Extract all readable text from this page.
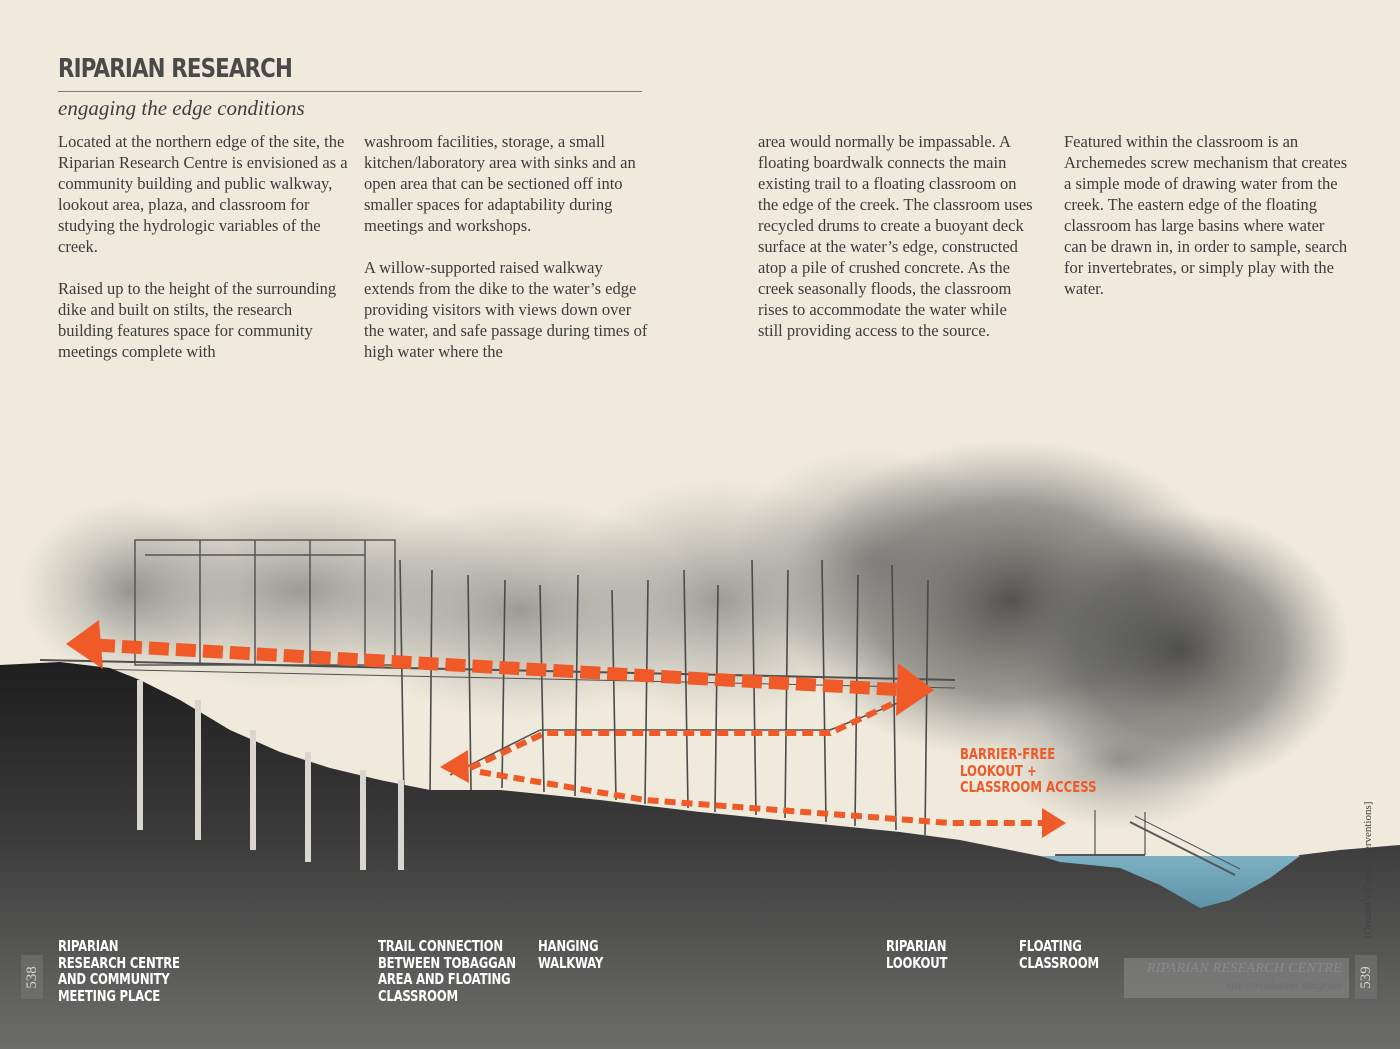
RIPARIAN RESEARCH
engaging the edge conditions

Located at the northern edge of the site, the Riparian Research Centre is envisioned as a community building and public walkway, lookout area, plaza, and classroom for studying the hydrologic variables of the creek.

Raised up to the height of the surrounding dike and built on stilts, the research building features space for community meetings complete with

washroom facilities, storage, a small kitchen/laboratory area with sinks and an open area that can be sectioned off into smaller spaces for adaptability during meetings and workshops.

A willow-supported raised walkway extends from the dike to the water’s edge providing visitors with views down over the water, and safe passage during times of high water where the

area would normally be impassable. A floating boardwalk connects the main existing trail to a floating classroom on the edge of the creek. The classroom uses recycled drums to create a buoyant deck surface at the water’s edge, constructed atop a pile of crushed concrete. As the creek seasonally floods, the classroom rises to accommodate the water while still providing access to the source.

Featured within the classroom is an Archemedes screw mechanism that creates a simple mode of drawing water from the creek. The eastern edge of the floating classroom has large basins where water can be drawn in, in order to sample, search for invertebrates, or simply play with the water.

BARRIER-FREE
LOOKOUT +
CLASSROOM ACCESS
RIPARIAN
RESEARCH CENTRE
AND COMMUNITY
MEETING PLACE
TRAIL CONNECTION
BETWEEN TOBAGGAN
AREA AND FLOATING
CLASSROOM
HANGING
WALKWAY
RIPARIAN
LOOKOUT
FLOATING
CLASSROOM
538
[Omand’s Creek Interventions]
539
RIPARIAN RESEARCH CENTRE
site circulation diagram
